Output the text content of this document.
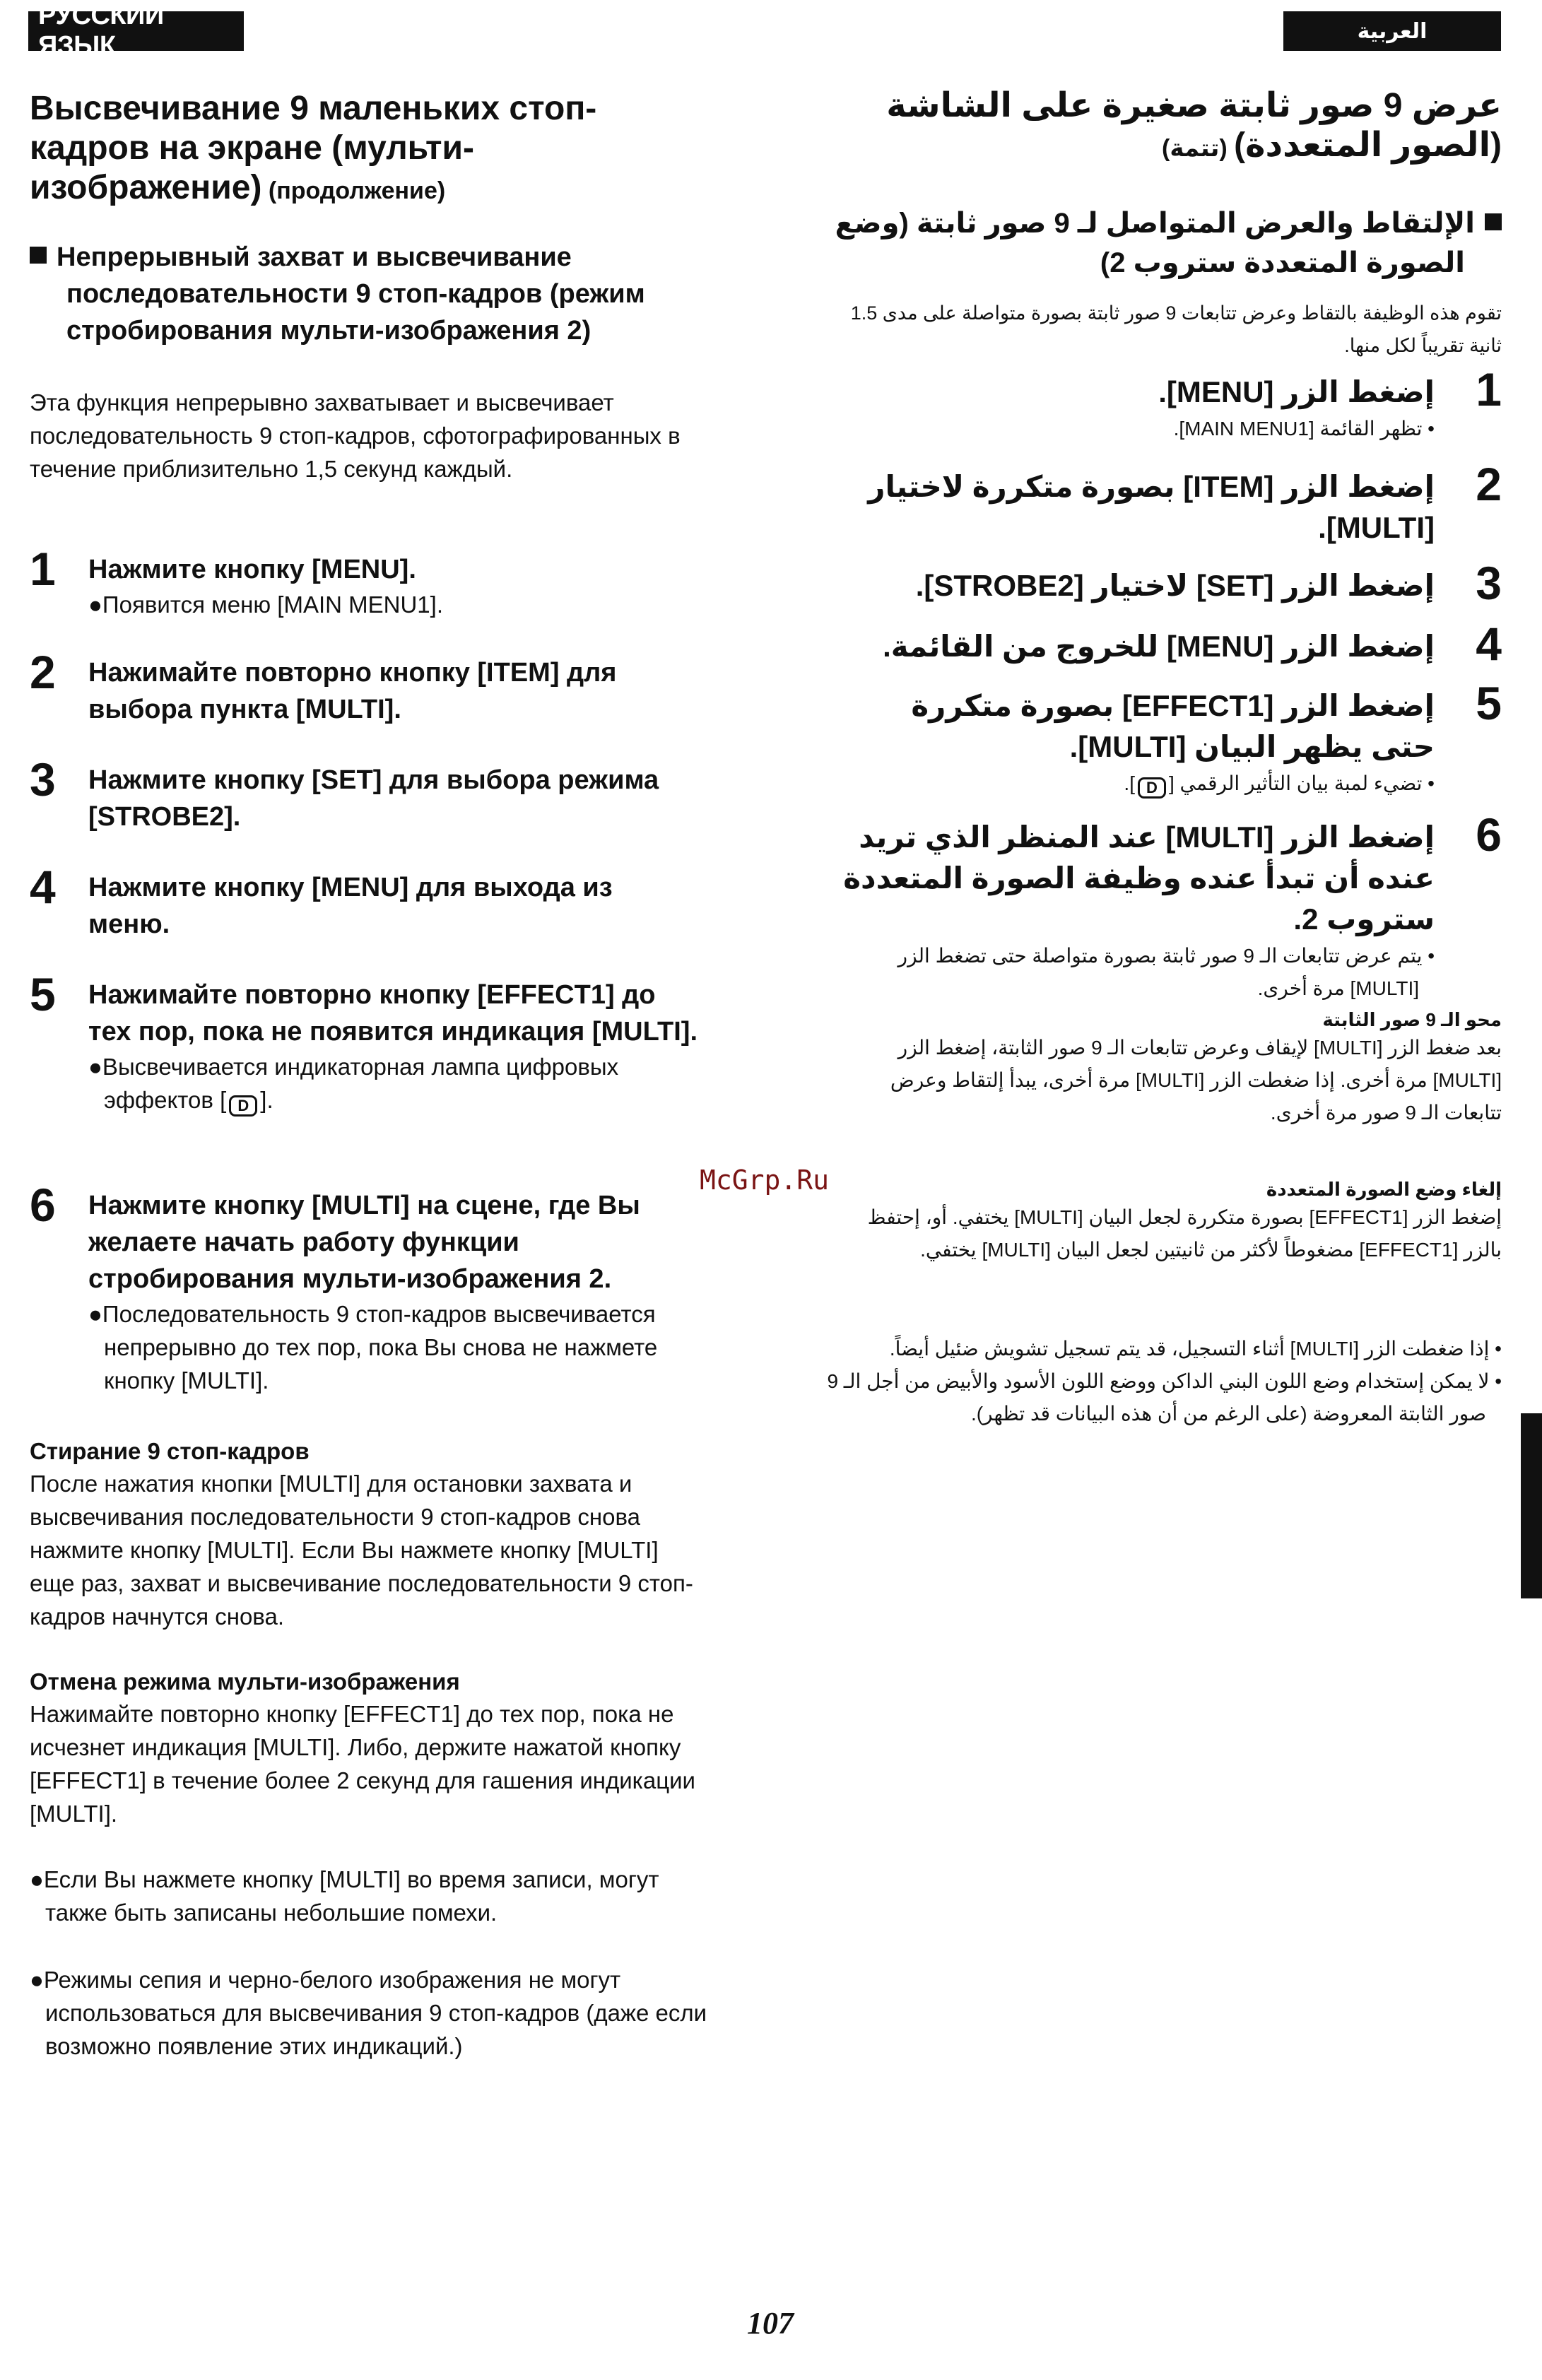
РУССКИЙ ЯЗЫК	العربية
Высвечивание 9 маленьких стоп-кадров на экране (мульти-изображение) (продолжение)
Непрерывный захват и высвечивание последовательности 9 стоп-кадров (режим стробирования мульти-изображения 2)
Эта функция непрерывно захватывает и высвечивает последовательность 9 стоп-кадров, сфотографированных в течение приблизительно 1,5 секунд каждый.
1 Нажмите кнопку [MENU].
●Появится меню [MAIN MENU1].
2 Нажимайте повторно кнопку [ITEM] для выбора пункта [MULTI].
3 Нажмите кнопку [SET] для выбора режима [STROBE2].
4 Нажмите кнопку [MENU] для выхода из меню.
5 Нажимайте повторно кнопку [EFFECT1] до тех пор, пока не появится индикация [MULTI].
●Высвечивается индикаторная лампа цифровых эффектов [ D ].
6 Нажмите кнопку [MULTI] на сцене, где Вы желаете начать работу функции стробирования мульти-изображения 2.
●Последовательность 9 стоп-кадров высвечивается непрерывно до тех пор, пока Вы снова не нажмете кнопку [MULTI].
Стирание 9 стоп-кадров
После нажатия кнопки [MULTI] для остановки захвата и высвечивания последовательности 9 стоп-кадров снова нажмите кнопку [MULTI]. Если Вы нажмете кнопку [MULTI] еще раз, захват и высвечивание последовательности 9 стоп-кадров начнутся снова.
Отмена режима мульти-изображения
Нажимайте повторно кнопку [EFFECT1] до тех пор, пока не исчезнет индикация [MULTI]. Либо, держите нажатой кнопку [EFFECT1] в течение более 2 секунд для гашения индикации [MULTI].
●Если Вы нажмете кнопку [MULTI] во время записи, могут также быть записаны небольшие помехи.
●Режимы сепия и черно-белого изображения не могут использоваться для высвечивания 9 стоп-кадров (даже если возможно появление этих индикаций.)
عرض 9 صور ثابتة صغيرة على الشاشة
(الصور المتعددة) (تتمة)
الإلتقاط والعرض المتواصل لـ 9 صور ثابتة (وضع الصورة المتعددة ستروب 2)
تقوم هذه الوظيفة بالتقاط وعرض تتابعات 9 صور ثابتة بصورة متواصلة على مدى 1.5 ثانية تقريباً لكل منها.
1
إضغط الزر [MENU].
• تظهر القائمة [MAIN MENU1].
2
إضغط الزر [ITEM] بصورة متكررة لاختيار [MULTI].
3
إضغط الزر [SET] لاختيار [STROBE2].
4
إضغط الزر [MENU] للخروج من القائمة.
5
إضغط الزر [EFFECT1] بصورة متكررة حتى يظهر البيان [MULTI].
• تضيء لمبة بيان التأثير الرقمي [D].
6
إضغط الزر [MULTI] عند المنظر الذي تريد عنده أن تبدأ عنده وظيفة الصورة المتعددة ستروب 2.
• يتم عرض تتابعات الـ 9 صور ثابتة بصورة متواصلة حتى تضغط الزر [MULTI] مرة أخرى.
محو الـ 9 صور الثابتة
بعد ضغط الزر [MULTI] لإيقاف وعرض تتابعات الـ 9 صور الثابتة، إضغط الزر [MULTI] مرة أخرى. إذا ضغطت الزر [MULTI] مرة أخرى، يبدأ إلتقاط وعرض تتابعات الـ 9 صور مرة أخرى.
إلغاء وضع الصورة المتعددة
إضغط الزر [EFFECT1] بصورة متكررة لجعل البيان [MULTI] يختفي. أو، إحتفظ بالزر [EFFECT1] مضغوطاً لأكثر من ثانيتين لجعل البيان [MULTI] يختفي.
• إذا ضغطت الزر [MULTI] أثناء التسجيل، قد يتم تسجيل تشويش ضئيل أيضاً.
• لا يمكن إستخدام وضع اللون البني الداكن ووضع اللون الأسود والأبيض من أجل الـ 9 صور الثابتة المعروضة (على الرغم من أن هذه البيانات قد تظهر).
McGrp.Ru
107
